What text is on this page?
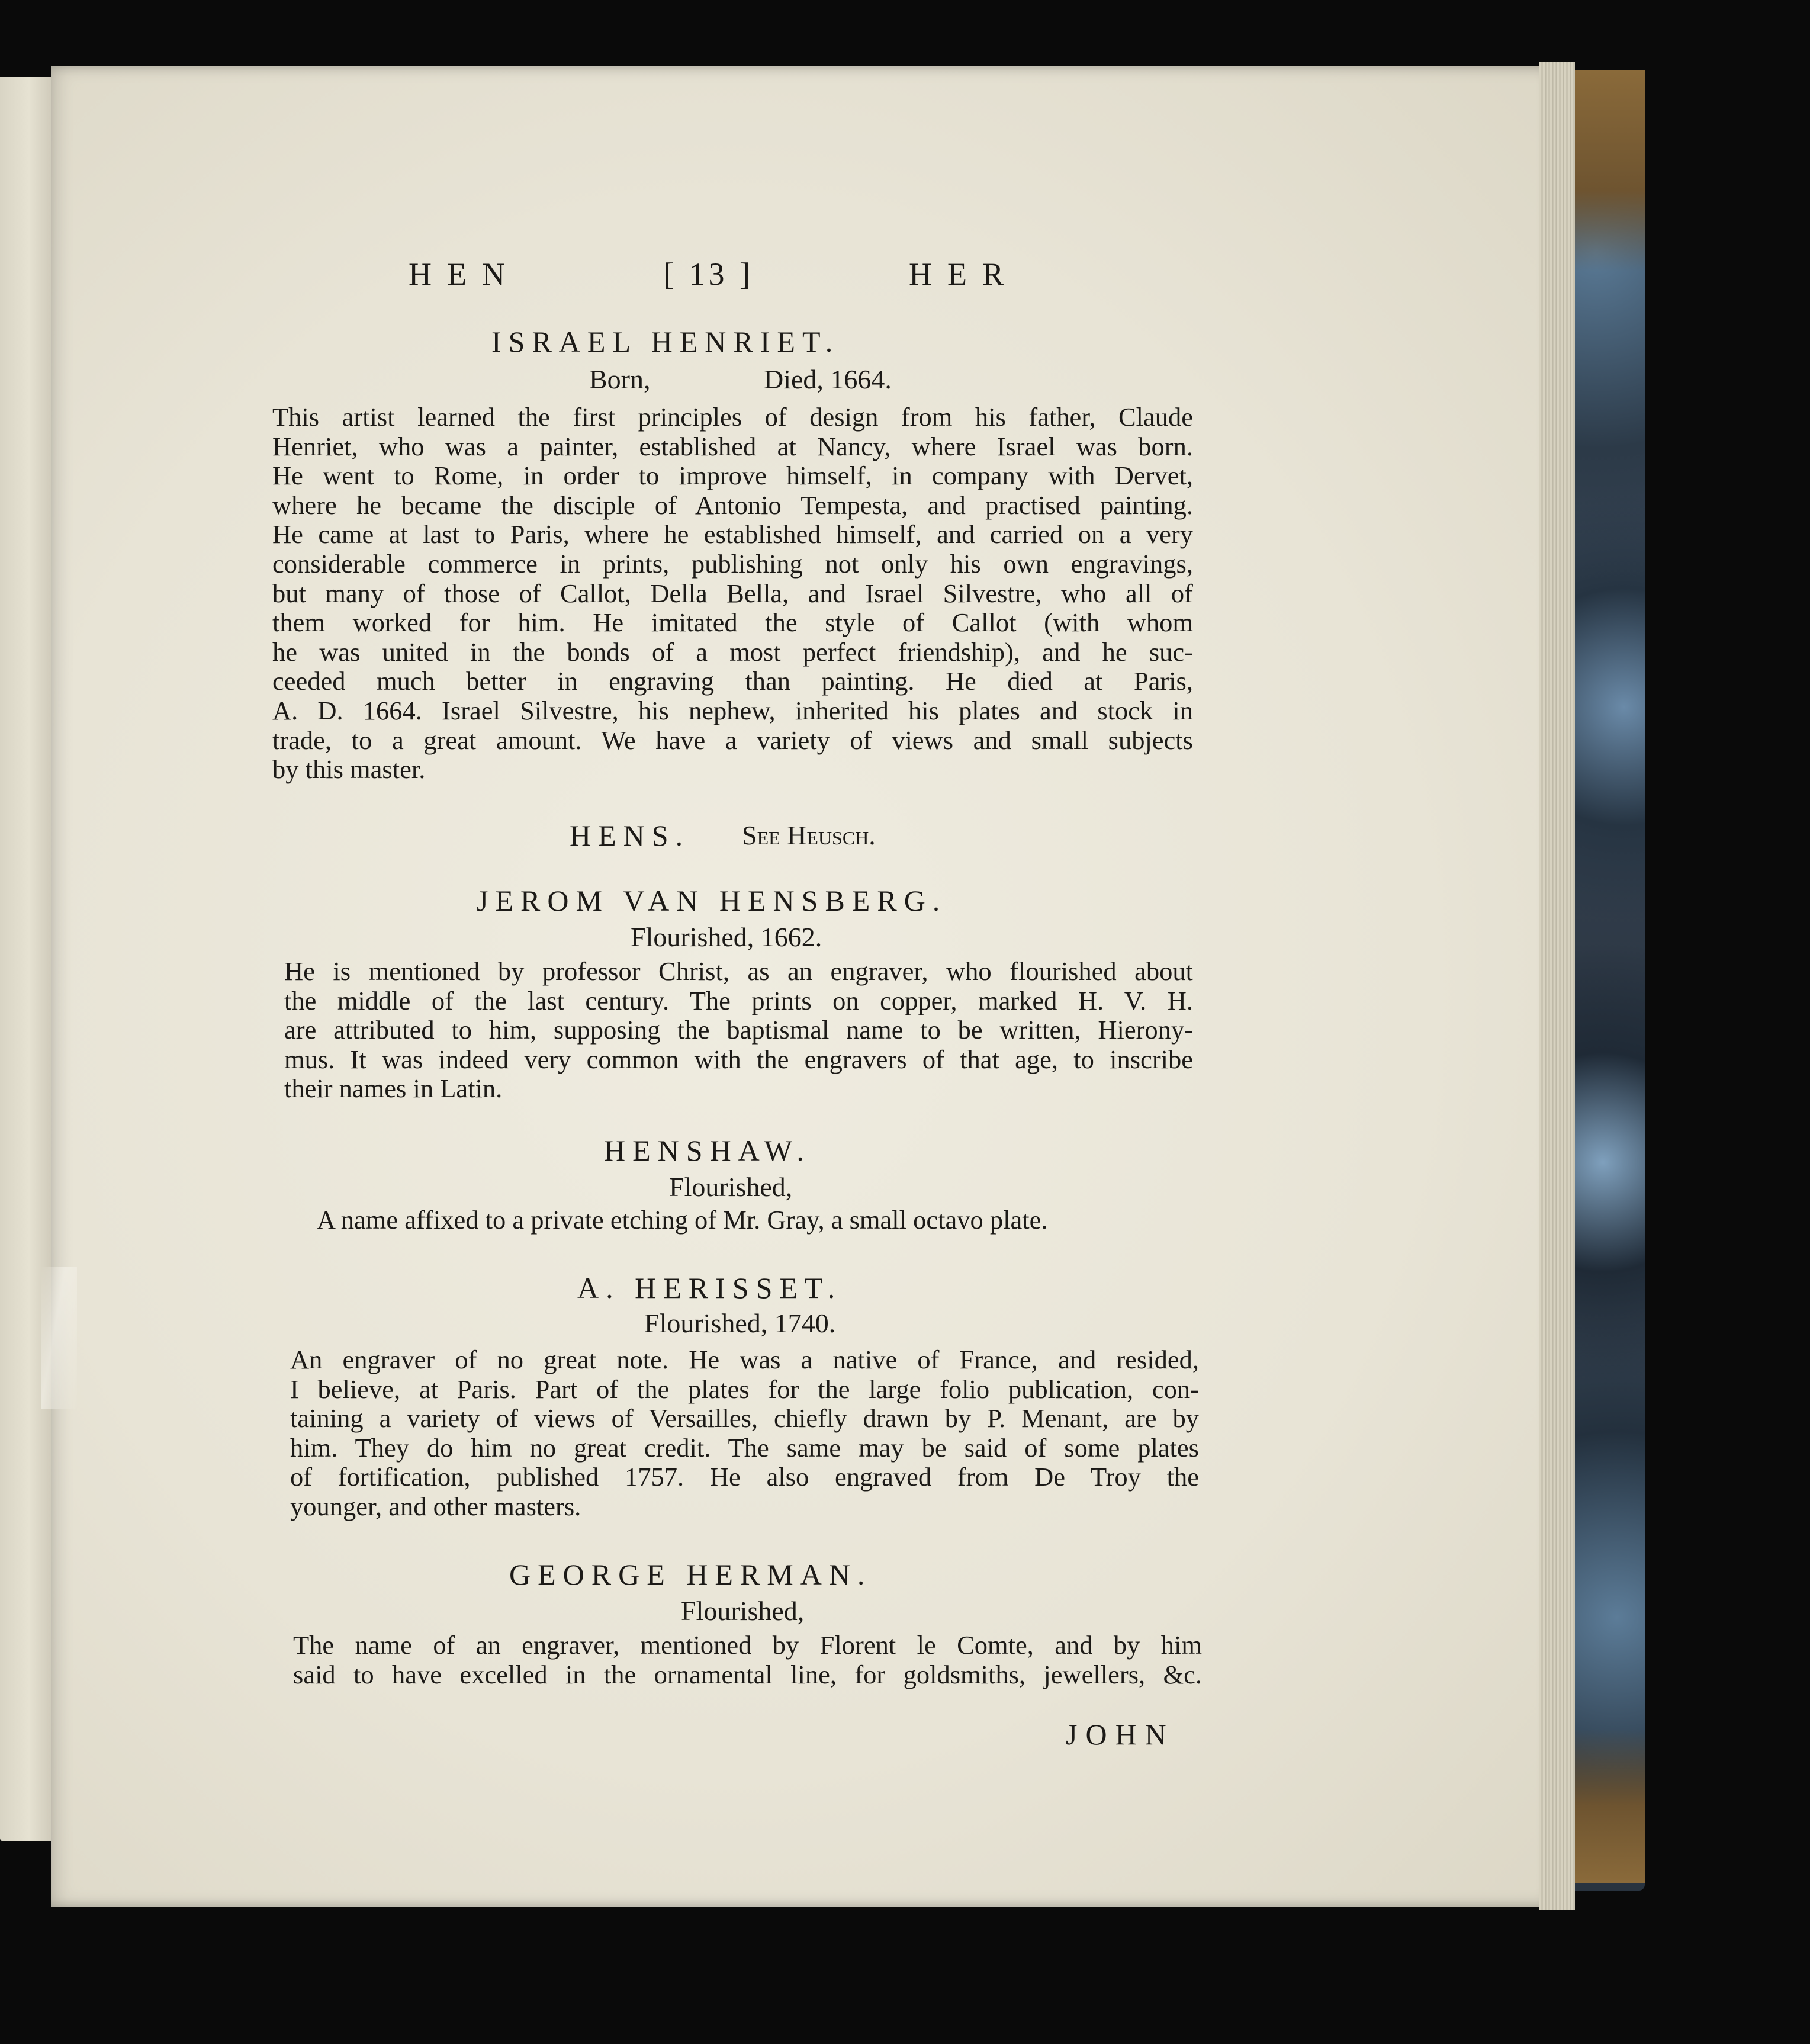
HEN	[ 13 ]	HER
ISRAEL HENRIET.
Born,	Died, 1664.
This artist learned the first principles of design from his father, Claude
Henriet, who was a painter, established at Nancy, where Israel was born.
He went to Rome, in order to improve himself, in company with Dervet,
where he became the disciple of Antonio Tempesta, and practised painting.
He came at last to Paris, where he established himself, and carried on a very
considerable commerce in prints, publishing not only his own engravings,
but many of those of Callot, Della Bella, and Israel Silvestre, who all of
them worked for him. He imitated the style of Callot (with whom
he was united in the bonds of a most perfect friendship), and he suc-
ceeded much better in engraving than painting. He died at Paris,
A. D. 1664. Israel Silvestre, his nephew, inherited his plates and stock in
trade, to a great amount. We have a variety of views and small subjects
by this master.
HENS. See Heusch.
JEROM VAN HENSBERG.
Flourished, 1662.
He is mentioned by professor Christ, as an engraver, who flourished about
the middle of the last century. The prints on copper, marked H. V. H.
are attributed to him, supposing the baptismal name to be written, Hierony-
mus. It was indeed very common with the engravers of that age, to inscribe
their names in Latin.
HENSHAW.
Flourished,
A name affixed to a private etching of Mr. Gray, a small octavo plate.
A. HERISSET.
Flourished, 1740.
An engraver of no great note. He was a native of France, and resided,
I believe, at Paris. Part of the plates for the large folio publication, con-
taining a variety of views of Versailles, chiefly drawn by P. Menant, are by
him. They do him no great credit. The same may be said of some plates
of fortification, published 1757. He also engraved from De Troy the
younger, and other masters.
GEORGE HERMAN.
Flourished,
The name of an engraver, mentioned by Florent le Comte, and by him
said to have excelled in the ornamental line, for goldsmiths, jewellers, &c.
JOHN
